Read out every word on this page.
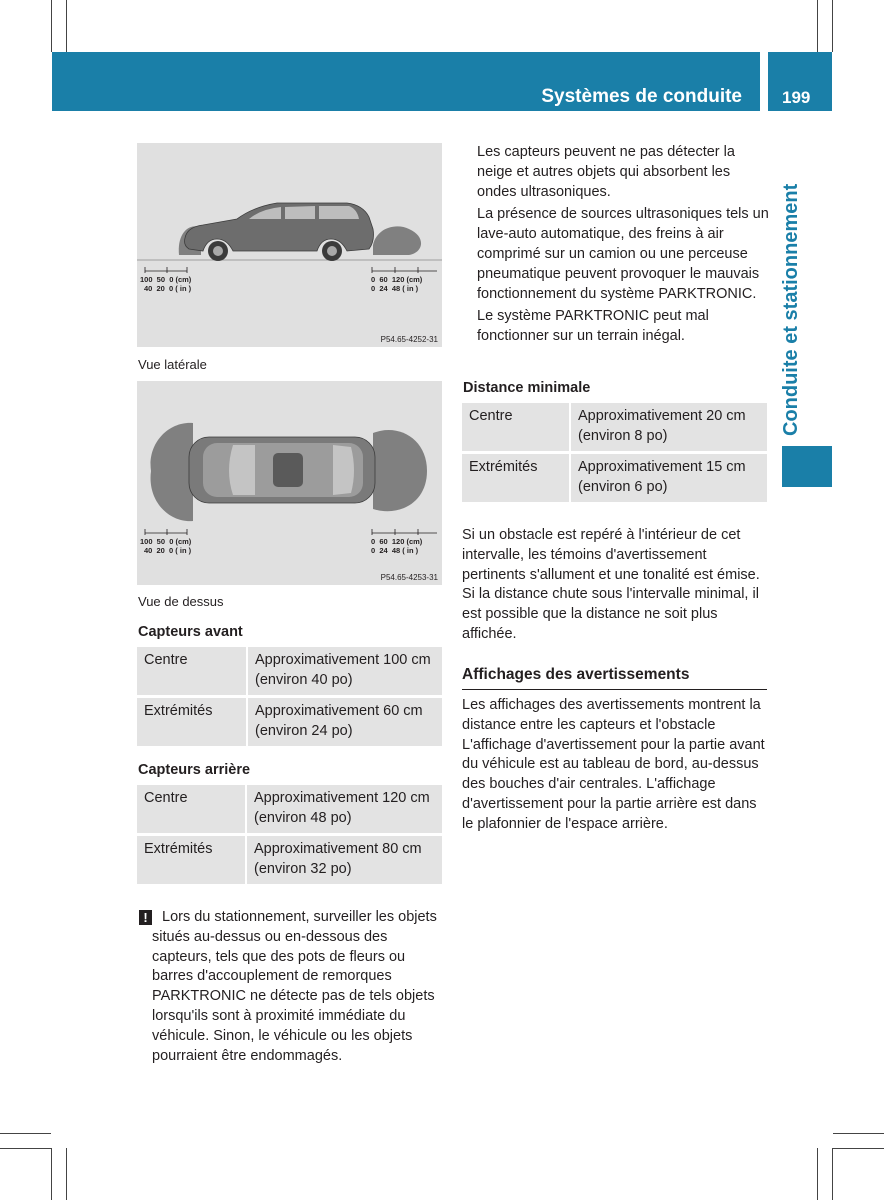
Systèmes de conduite 199
Conduite et stationnement
100  50  0 (cm)
40  20  0 ( in )
0  60  120 (cm)
0  24  48 ( in )
P54.65-4252-31
Vue latérale
100  50  0 (cm)
40  20  0 ( in )
0  60  120 (cm)
0  24  48 ( in )
P54.65-4253-31
Vue de dessus
Capteurs avant
Centre	Approximativement 100 cm (environ 40 po)
Extrémités	Approximativement 60 cm (environ 24 po)
Capteurs arrière
Centre	Approximativement 120 cm (environ 48 po)
Extrémités	Approximativement 80 cm (environ 32 po)
! Lors du stationnement, surveiller les objets situés au-dessus ou en-dessous des capteurs, tels que des pots de fleurs ou barres d'accouplement de remorques PARKTRONIC ne détecte pas de tels objets lorsqu'ils sont à proximité immédiate du véhicule. Sinon, le véhicule ou les objets pourraient être endommagés.

Les capteurs peuvent ne pas détecter la neige et autres objets qui absorbent les ondes ultrasoniques.

La présence de sources ultrasoniques tels un lave-auto automatique, des freins à air comprimé sur un camion ou une perceuse pneumatique peuvent provoquer le mauvais fonctionnement du système PARKTRONIC.

Le système PARKTRONIC peut mal fonctionner sur un terrain inégal.

Distance minimale
Centre	Approximativement 20 cm (environ 8 po)
Extrémités	Approximativement 15 cm (environ 6 po)

Si un obstacle est repéré à l'intérieur de cet intervalle, les témoins d'avertissement pertinents s'allument et une tonalité est émise. Si la distance chute sous l'intervalle minimal, il est possible que la distance ne soit plus affichée.

Affichages des avertissements

Les affichages des avertissements montrent la distance entre les capteurs et l'obstacle L'affichage d'avertissement pour la partie avant du véhicule est au tableau de bord, au-dessus des bouches d'air centrales. L'affichage d'avertissement pour la partie arrière est dans le plafonnier de l'espace arrière.
